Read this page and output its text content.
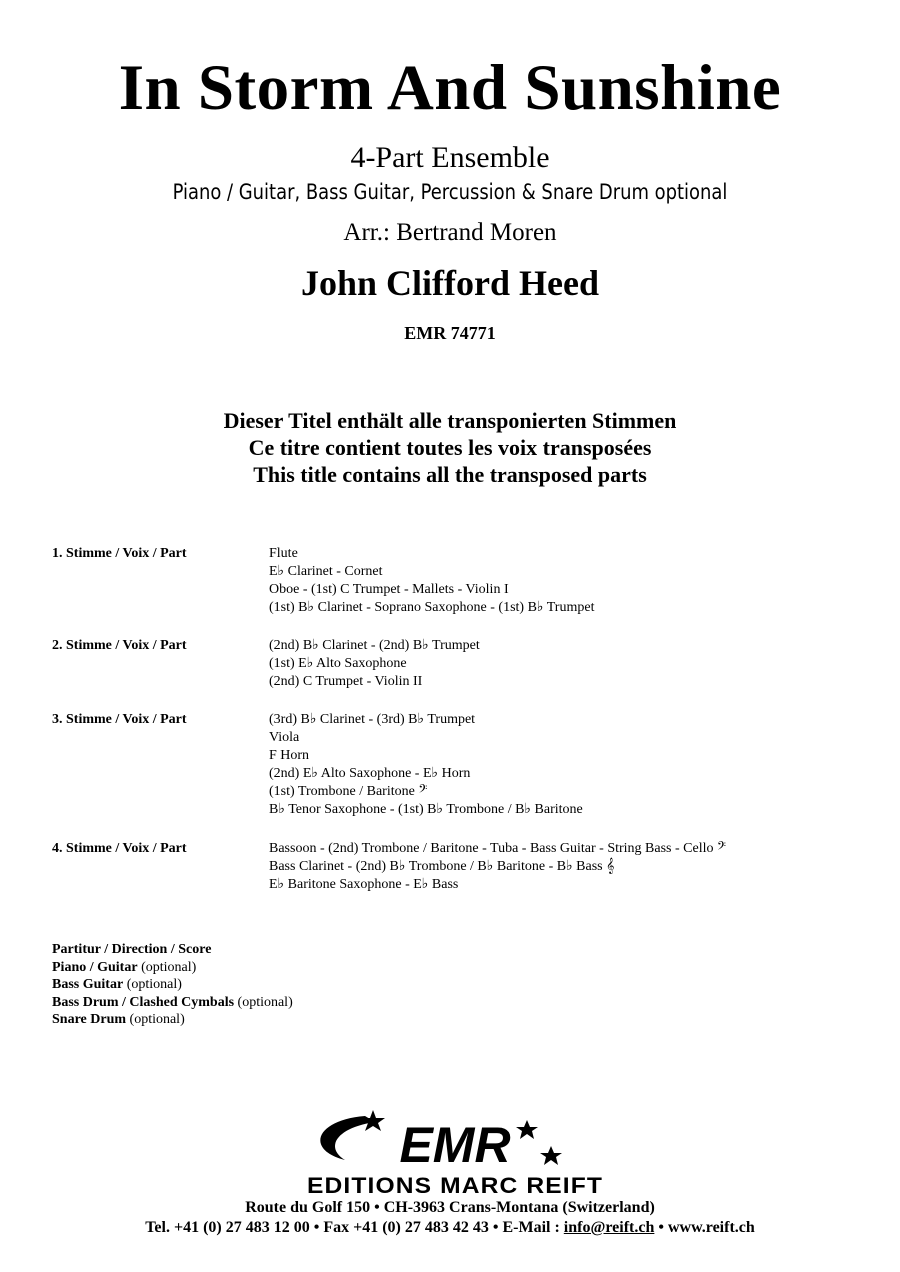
In Storm And Sunshine
4-Part Ensemble
Piano / Guitar, Bass Guitar, Percussion & Snare Drum optional
Arr.: Bertrand Moren
John Clifford Heed
EMR 74771
Dieser Titel enthält alle transponierten Stimmen
Ce titre contient toutes les voix transposées
This title contains all the transposed parts
1. Stimme / Voix / Part	Flute
E♭ Clarinet - Cornet
Oboe - (1st) C Trumpet - Mallets - Violin I
(1st) B♭ Clarinet - Soprano Saxophone - (1st) B♭ Trumpet
2. Stimme / Voix / Part	(2nd) B♭ Clarinet - (2nd) B♭ Trumpet
(1st) E♭ Alto Saxophone
(2nd) C Trumpet - Violin II
3. Stimme / Voix / Part	(3rd) B♭ Clarinet - (3rd) B♭ Trumpet
Viola
F Horn
(2nd) E♭ Alto Saxophone - E♭ Horn
(1st) Trombone / Baritone 𝄢
B♭ Tenor Saxophone - (1st) B♭ Trombone / B♭ Baritone
4. Stimme / Voix / Part	Bassoon - (2nd) Trombone / Baritone - Tuba - Bass Guitar - String Bass - Cello 𝄢
Bass Clarinet - (2nd) B♭ Trombone / B♭ Baritone - B♭ Bass 𝄞
E♭ Baritone Saxophone - E♭ Bass
Partitur / Direction / Score
Piano / Guitar (optional)
Bass Guitar (optional)
Bass Drum / Clashed Cymbals (optional)
Snare Drum (optional)
EMR
EDITIONS MARC REIFT
Route du Golf 150 • CH-3963 Crans-Montana (Switzerland)
Tel. +41 (0) 27 483 12 00 • Fax +41 (0) 27 483 42 43 • E-Mail : info@reift.ch • www.reift.ch
